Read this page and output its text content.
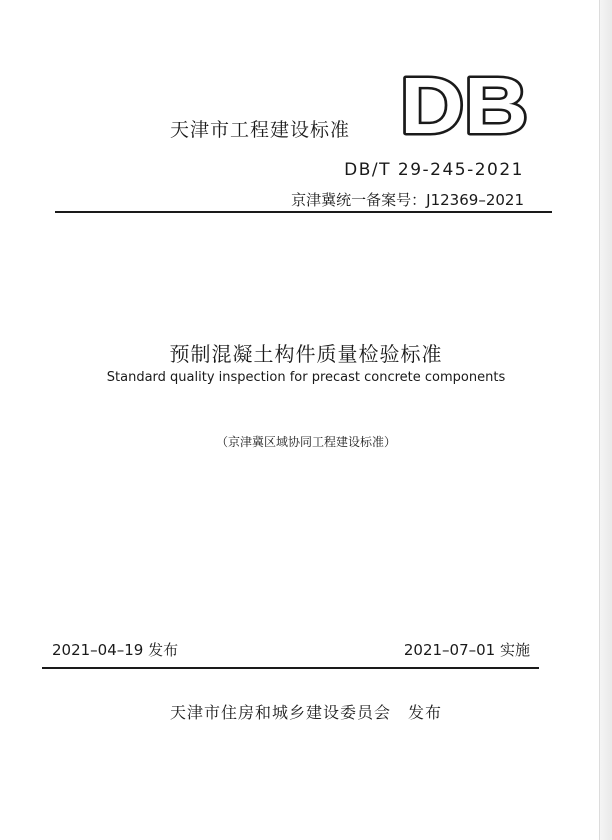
天津市工程建设标准 DB
DB/T 29-245-2021
京津冀统一备案号：J12369–2021
预制混凝土构件质量检验标准
Standard quality inspection for precast concrete components
（京津冀区域协同工程建设标准）
2021–04–19 发布	2021–07–01 实施
天津市住房和城乡建设委员会　发布
